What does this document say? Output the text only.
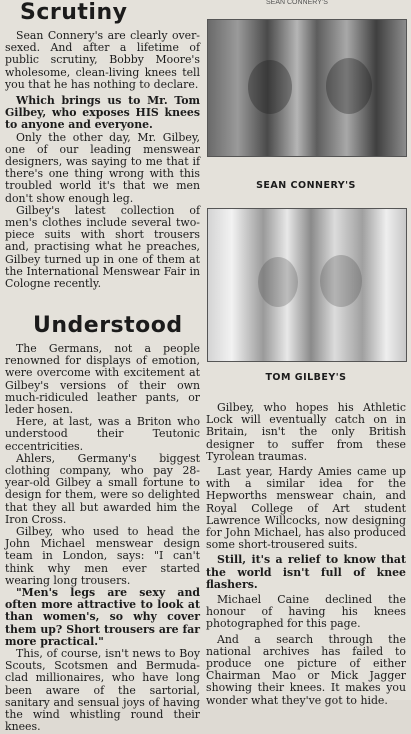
SEAN CONNERY'S
Scrutiny

Sean Connery's are clearly over-sexed. And after a lifetime of public scrutiny, Bobby Moore's wholesome, clean-living knees tell you that he has nothing to declare.

Which brings us to Mr. Tom Gilbey, who exposes HIS knees to anyone and everyone.

Only the other day, Mr. Gilbey, one of our leading menswear designers, was saying to me that if there's one thing wrong with this troubled world it's that we men don't show enough leg.

Gilbey's latest collection of men's clothes include several two-piece suits with short trousers and, practising what he preaches, Gilbey turned up in one of them at the International Menswear Fair in Cologne recently.

Understood

The Germans, not a people renowned for displays of emotion, were overcome with excitement at Gilbey's versions of their own much-ridiculed leather pants, or leder hosen.

Here, at last, was a Briton who understood their Teutonic eccentricities.

Ahlers, Germany's biggest clothing company, who pay 28-year-old Gilbey a small fortune to design for them, were so delighted that they all but awarded him the Iron Cross.

Gilbey, who used to head the John Michael menswear design team in London, says: "I can't think why men ever started wearing long trousers.

"Men's legs are sexy and often more attractive to look at than women's, so why cover them up? Short trousers are far more practical."

This, of course, isn't news to Boy Scouts, Scotsmen and Bermuda-clad millionaires, who have long been aware of the sartorial, sanitary and sensual joys of having the wind whistling round their knees.

SEAN CONNERY'S
TOM GILBEY'S

Gilbey, who hopes his Athletic Lock will eventually catch on in Britain, isn't the only British designer to suffer from these Tyrolean traumas.

Last year, Hardy Amies came up with a similar idea for the Hepworths menswear chain, and Royal College of Art student Lawrence Willcocks, now designing for John Michael, has also produced some short-trousered suits.

Still, it's a relief to know that the world isn't full of knee flashers.

Michael Caine declined the honour of having his knees photographed for this page.

And a search through the national archives has failed to produce one picture of either Chairman Mao or Mick Jagger showing their knees. It makes you wonder what they've got to hide.
